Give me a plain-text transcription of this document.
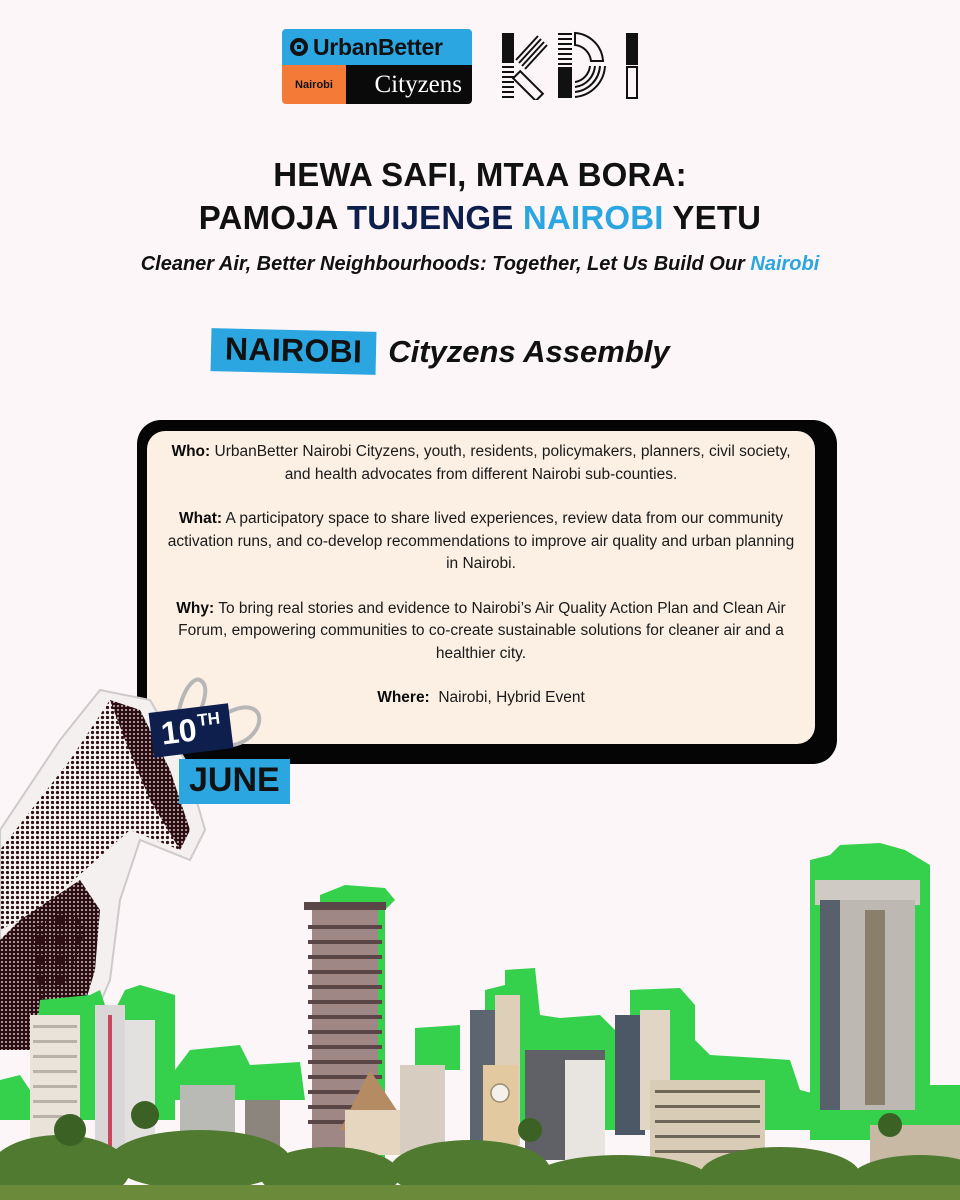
UrbanBetter
Nairobi	Cityzens
HEWA SAFI, MTAA BORA:
PAMOJA TUIJENGE NAIROBI YETU
Cleaner Air, Better Neighbourhoods: Together, Let Us Build Our Nairobi
NAIROBI Cityzens Assembly

Who: UrbanBetter Nairobi Cityzens, youth, residents, policymakers, planners, civil society, and health advocates from different Nairobi sub-counties.

What: A participatory space to share lived experiences, review data from our community activation runs, and co-develop recommendations to improve air quality and urban planning in Nairobi.

Why: To bring real stories and evidence to Nairobi’s Air Quality Action Plan and Clean Air Forum, empowering communities to co-create sustainable solutions for cleaner air and a healthier city.

Where:  Nairobi, Hybrid Event

10TH
JUNE
